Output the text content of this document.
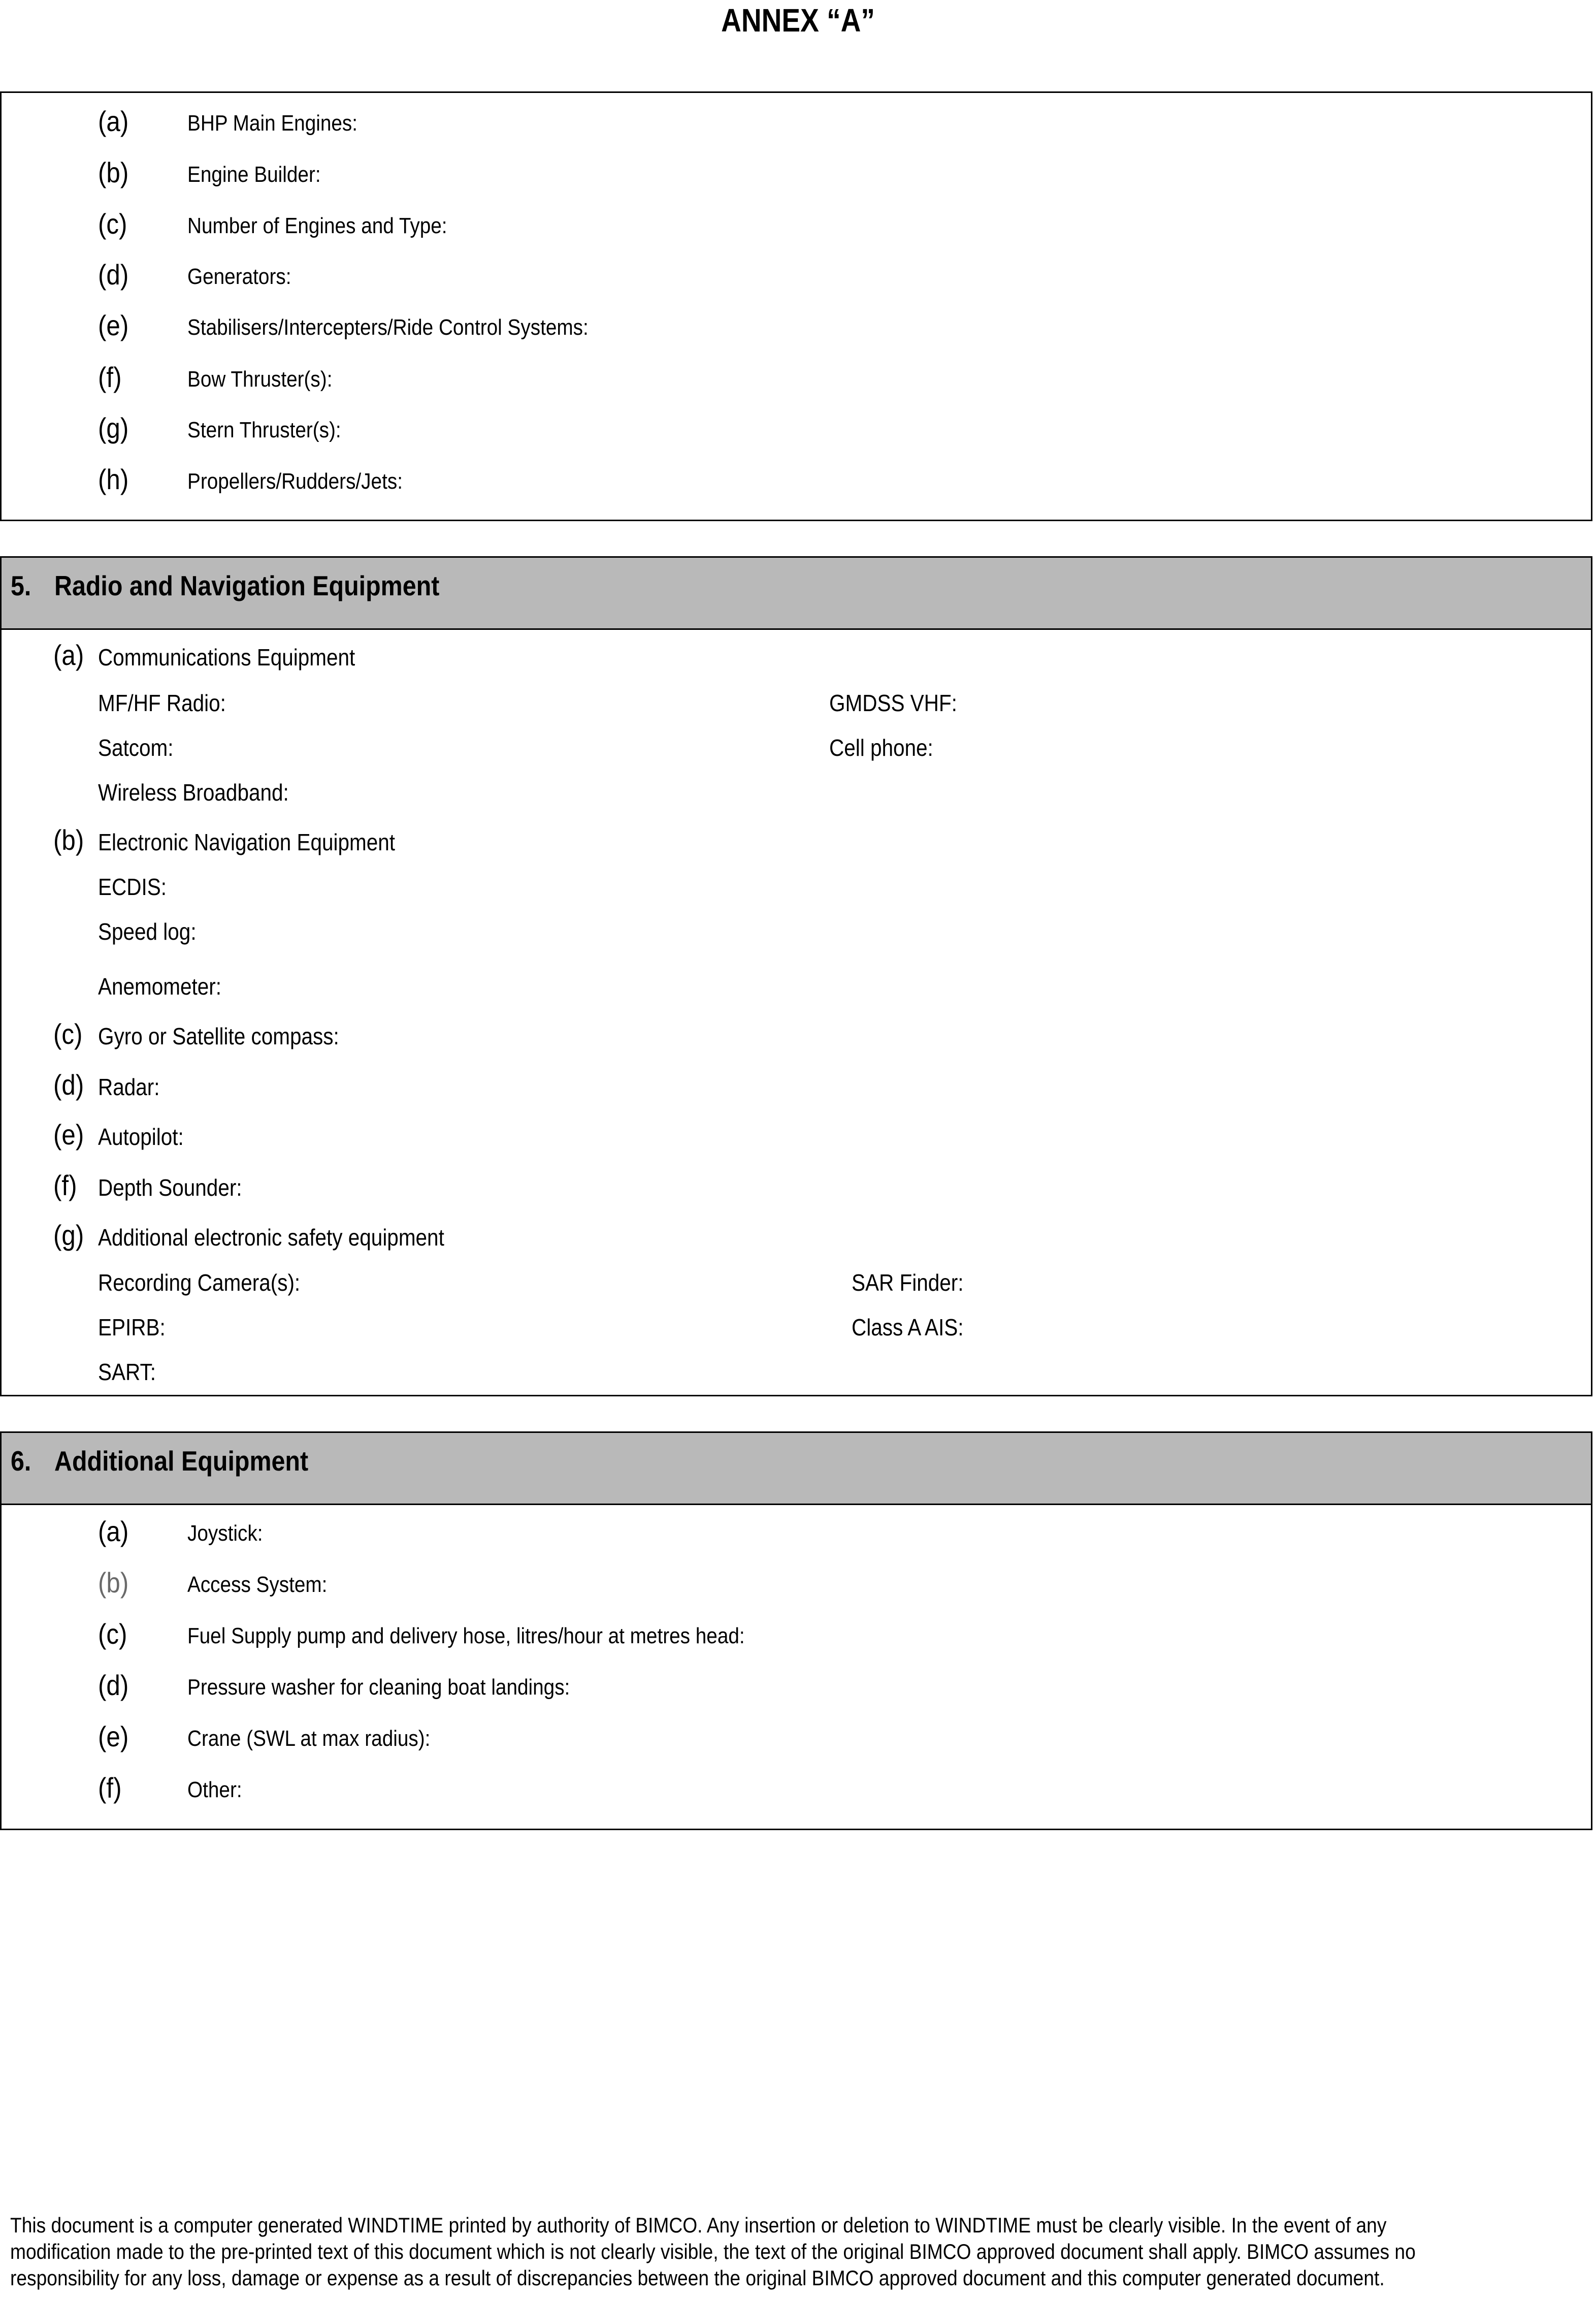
ANNEX “A”
(a)	BHP Main Engines:
(b)	Engine Builder:
(c)	Number of Engines and Type:
(d)	Generators:
(e)	Stabilisers/Intercepters/Ride Control Systems:
(f)	Bow Thruster(s):
(g)	Stern Thruster(s):
(h)	Propellers/Rudders/Jets:
5. Radio and Navigation Equipment
(a) Communications Equipment
MF/HF Radio:	GMDSS VHF:
Satcom:	Cell phone:
Wireless Broadband:
(b) Electronic Navigation Equipment
ECDIS:
Speed log:
Anemometer:
(c) Gyro or Satellite compass:
(d) Radar:
(e) Autopilot:
(f) Depth Sounder:
(g) Additional electronic safety equipment
Recording Camera(s):	SAR Finder:
EPIRB:	Class A AIS:
SART:
6. Additional Equipment
(a)	Joystick:
(b)	Access System:
(c)	Fuel Supply pump and delivery hose, litres/hour at metres head:
(d)	Pressure washer for cleaning boat landings:
(e)	Crane (SWL at max radius):
(f)	Other:

This document is a computer generated WINDTIME printed by authority of BIMCO. Any insertion or deletion to WINDTIME must be clearly visible. In the event of any

modification made to the pre-printed text of this document which is not clearly visible, the text of the original BIMCO approved document shall apply. BIMCO assumes no

responsibility for any loss, damage or expense as a result of discrepancies between the original BIMCO approved document and this computer generated document.
